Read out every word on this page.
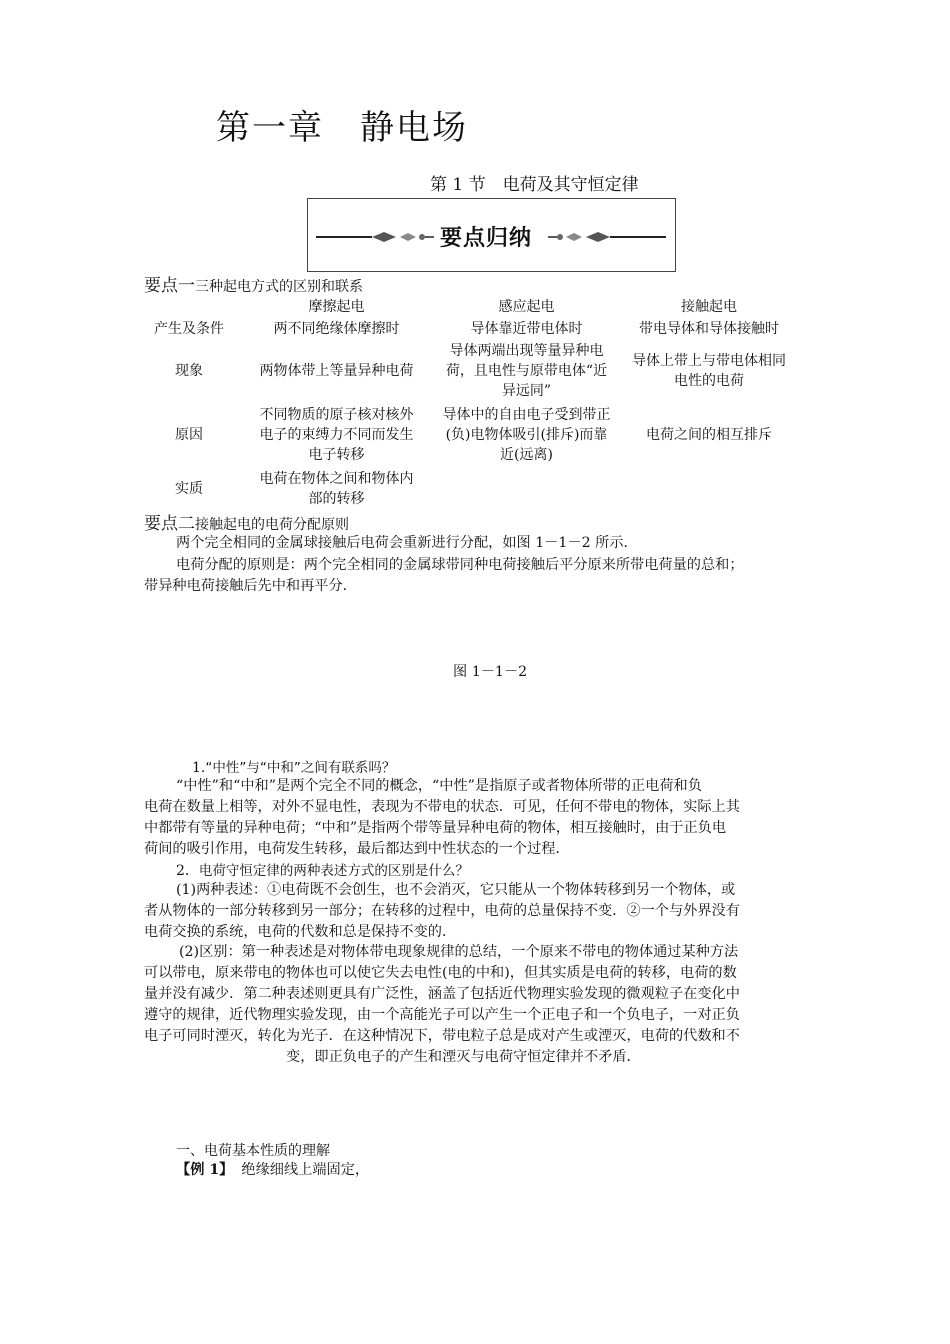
第一章　静电场
第 1 节　电荷及其守恒定律
要点归纳
要点一三种起电方式的区别和联系
	摩擦起电	感应起电	接触起电
产生及条件	两不同绝缘体摩擦时	导体靠近带电体时	带电导体和导体接触时
现象	两物体带上等量异种电荷	导体两端出现等量异种电荷，且电性与原带电体“近异远同”	导体上带上与带电体相同电性的电荷

原因	不同物质的原子核对核外电子的束缚力不同而发生电子转移	导体中的自由电子受到带正(负)电物体吸引(排斥)而靠近(远离)	电荷之间的相互排斥

实质	电荷在物体之间和物体内部的转移		

要点二接触起电的电荷分配原则
两个完全相同的金属球接触后电荷会重新进行分配，如图 1－1－2 所示．
电荷分配的原则是：两个完全相同的金属球带同种电荷接触后平分原来所带电荷量的总和；
带异种电荷接触后先中和再平分．
图 1－1－2
1.“中性”与“中和”之间有联系吗？
“中性”和“中和”是两个完全不同的概念，“中性”是指原子或者物体所带的正电荷和负
电荷在数量上相等，对外不显电性，表现为不带电的状态．可见，任何不带电的物体，实际上其
中都带有等量的异种电荷；“中和”是指两个带等量异种电荷的物体，相互接触时，由于正负电
荷间的吸引作用，电荷发生转移，最后都达到中性状态的一个过程．
2．电荷守恒定律的两种表述方式的区别是什么？
(1)两种表述：①电荷既不会创生，也不会消灭，它只能从一个物体转移到另一个物体，或
者从物体的一部分转移到另一部分；在转移的过程中，电荷的总量保持不变．②一个与外界没有
电荷交换的系统，电荷的代数和总是保持不变的．
(2)区别：第一种表述是对物体带电现象规律的总结，一个原来不带电的物体通过某种方法
可以带电，原来带电的物体也可以使它失去电性(电的中和)，但其实质是电荷的转移，电荷的数
量并没有减少．第二种表述则更具有广泛性，涵盖了包括近代物理实验发现的微观粒子在变化中
遵守的规律，近代物理实验发现，由一个高能光子可以产生一个正电子和一个负电子，一对正负
电子可同时湮灭，转化为光子．在这种情况下，带电粒子总是成对产生或湮灭，电荷的代数和不
变，即正负电子的产生和湮灭与电荷守恒定律并不矛盾．
一、电荷基本性质的理解
【例 1】 绝缘细线上端固定，
